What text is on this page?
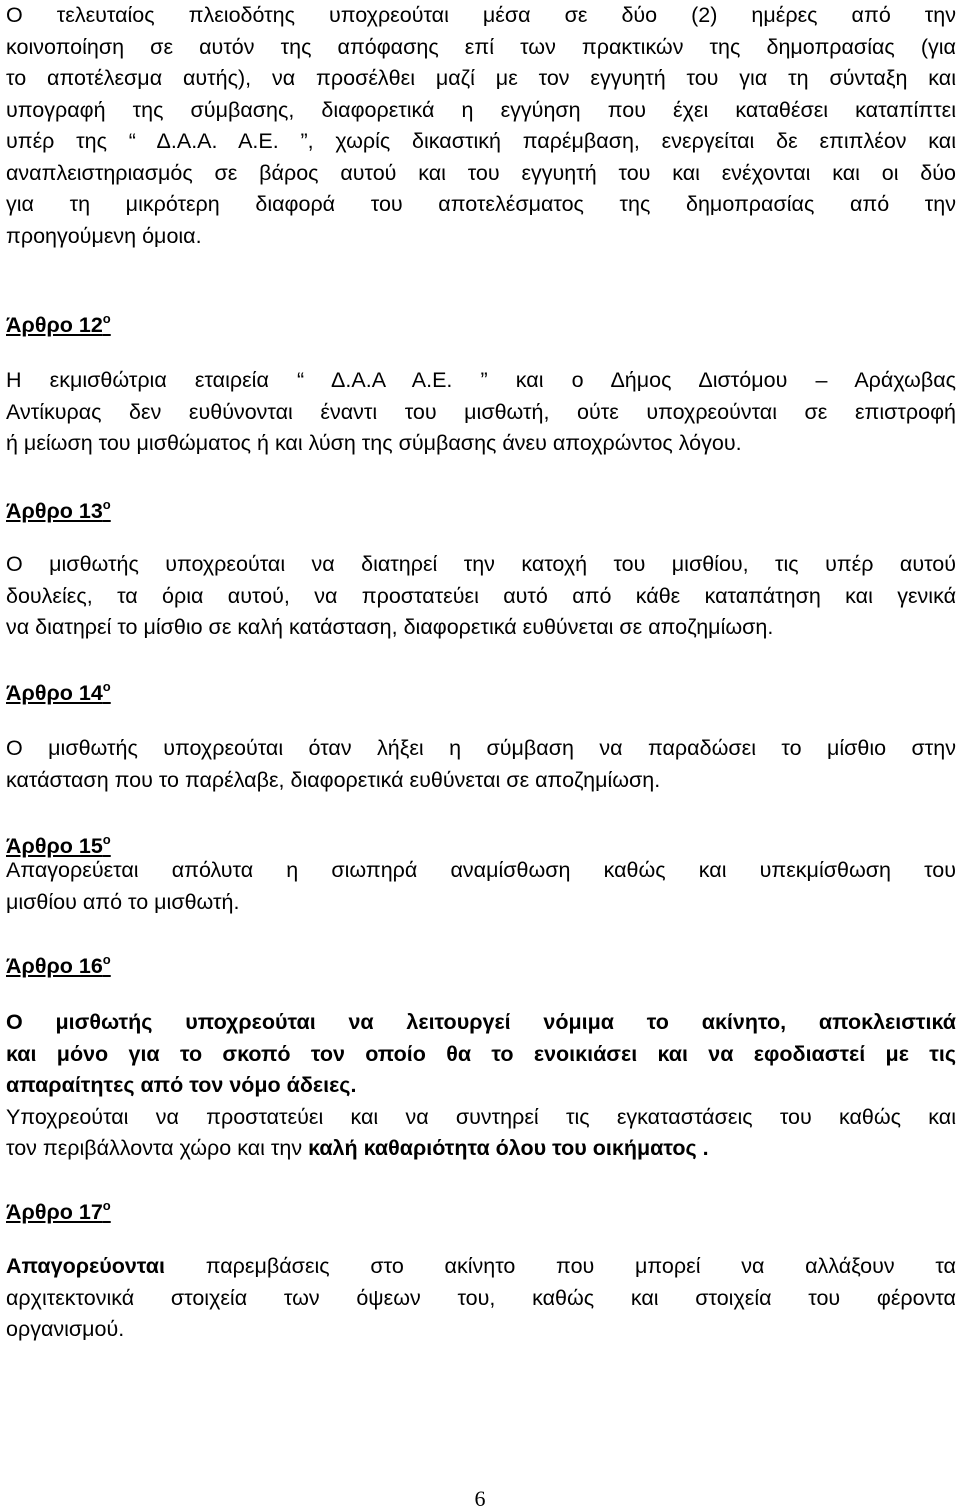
Ο τελευταίος πλειοδότης υποχρεούται μέσα σε δύο (2) ημέρες από την
κοινοποίηση σε αυτόν της απόφασης επί των πρακτικών της δημοπρασίας (για
το αποτέλεσμα αυτής), να προσέλθει μαζί με τον εγγυητή του για τη σύνταξη και
υπογραφή της σύμβασης, διαφορετικά η εγγύηση που έχει καταθέσει καταπίπτει
υπέρ της “ Δ.Α.Α. Α.Ε. ”, χωρίς δικαστική παρέμβαση, ενεργείται δε επιπλέον και
αναπλειστηριασμός σε βάρος αυτού και του εγγυητή του και ενέχονται και οι δύο
για τη μικρότερη διαφορά του αποτελέσματος της δημοπρασίας από την
προηγούμενη όμοια.
Άρθρο $12^o$
Η εκμισθώτρια εταιρεία “ Δ.Α.Α Α.Ε. ” και ο Δήμος Διστόμου – Αράχωβας
Αντίκυρας δεν ευθύνονται έναντι του μισθωτή, ούτε υποχρεούνται σε επιστροφή
ή μείωση του μισθώματος ή και λύση της σύμβασης άνευ αποχρώντος λόγου.
Άρθρο $13^o$
Ο μισθωτής υποχρεούται να διατηρεί την κατοχή του μισθίου, τις υπέρ αυτού
δουλείες, τα όρια αυτού, να προστατεύει αυτό από κάθε καταπάτηση και γενικά
να διατηρεί το μίσθιο σε καλή κατάσταση, διαφορετικά ευθύνεται σε αποζημίωση.
Άρθρο $14^o$
Ο μισθωτής υποχρεούται όταν λήξει η σύμβαση να παραδώσει το μίσθιο στην
κατάσταση που το παρέλαβε, διαφορετικά ευθύνεται σε αποζημίωση.
Άρθρο $15^o$
Απαγορεύεται απόλυτα η σιωπηρά αναμίσθωση καθώς και υπεκμίσθωση του
μισθίου από το μισθωτή.
Άρθρο $16^o$
Ο μισθωτής υποχρεούται να λειτουργεί νόμιμα το ακίνητο, αποκλειστικά
και μόνο για το σκοπό τον οποίο θα το ενοικιάσει και να εφοδιαστεί με τις
απαραίτητες από τον νόμο άδειες.
Υποχρεούται να προστατεύει και να συντηρεί τις εγκαταστάσεις του καθώς και
τον περιβάλλοντα χώρο και την καλή καθαριότητα όλου του οικήματος .
Άρθρο $17^o$
Απαγορεύονται παρεμβάσεις στο ακίνητο που μπορεί να αλλάξουν τα
αρχιτεκτονικά στοιχεία των όψεων του, καθώς και στοιχεία του φέροντα
οργανισμού.
6
